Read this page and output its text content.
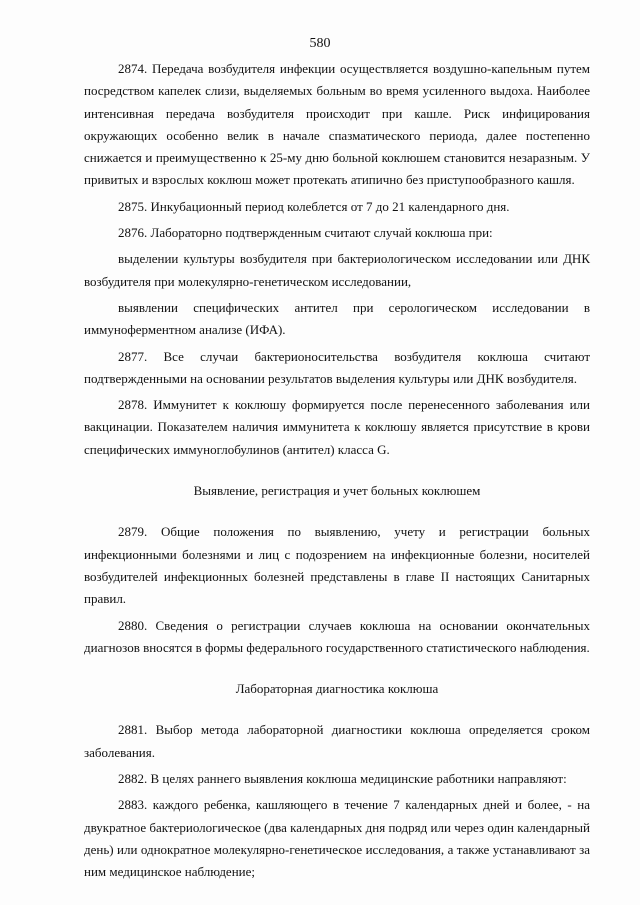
580

2874. Передача возбудителя инфекции осуществляется воздушно-капельным путем посредством капелек слизи, выделяемых больным во время усиленного выдоха. Наиболее интенсивная передача возбудителя происходит при кашле. Риск инфицирования окружающих особенно велик в начале спазматического периода, далее постепенно снижается и преимущественно к 25-му дню больной коклюшем становится незаразным. У привитых и взрослых коклюш может протекать атипично без приступообразного кашля.

2875. Инкубационный период колеблется от 7 до 21 календарного дня.

2876. Лабораторно подтвержденным считают случай коклюша при:

выделении культуры возбудителя при бактериологическом исследовании или ДНК возбудителя при молекулярно-генетическом исследовании,

выявлении специфических антител при серологическом исследовании в иммуноферментном анализе (ИФА).

2877. Все случаи бактерионосительства возбудителя коклюша считают подтвержденными на основании результатов выделения культуры или ДНК возбудителя.

2878. Иммунитет к коклюшу формируется после перенесенного заболевания или вакцинации. Показателем наличия иммунитета к коклюшу является присутствие в крови специфических иммуноглобулинов (антител) класса G.

Выявление, регистрация и учет больных коклюшем

2879. Общие положения по выявлению, учету и регистрации больных инфекционными болезнями и лиц с подозрением на инфекционные болезни, носителей возбудителей инфекционных болезней представлены в главе II настоящих Санитарных правил.

2880. Сведения о регистрации случаев коклюша на основании окончательных диагнозов вносятся в формы федерального государственного статистического наблюдения.

Лабораторная диагностика коклюша

2881. Выбор метода лабораторной диагностики коклюша определяется сроком заболевания.

2882. В целях раннего выявления коклюша медицинские работники направляют:

2883. каждого ребенка, кашляющего в течение 7 календарных дней и более, - на двукратное бактериологическое (два календарных дня подряд или через один календарный день) или однократное молекулярно-генетическое исследования, а также устанавливают за ним медицинское наблюдение;
